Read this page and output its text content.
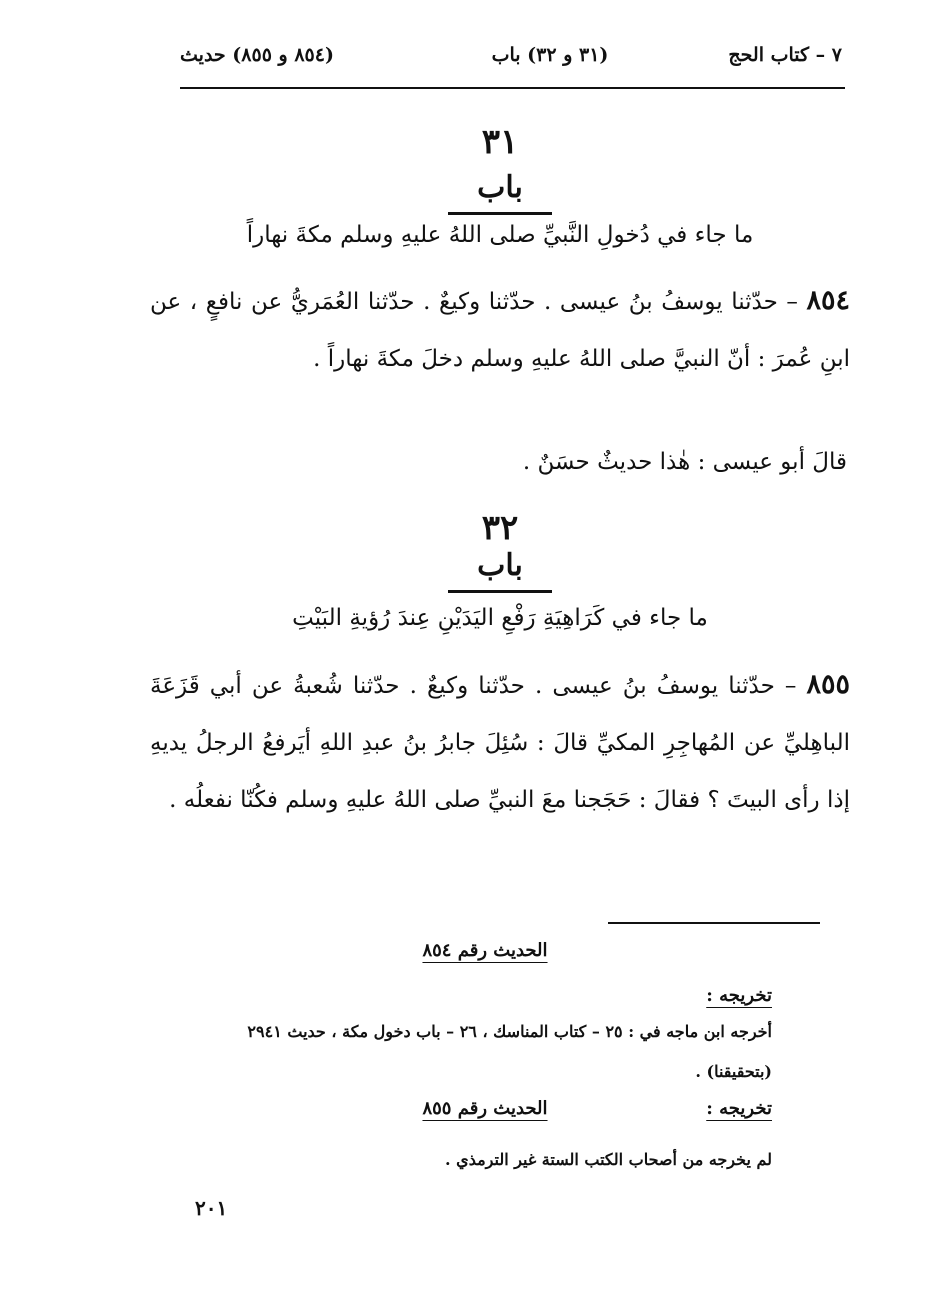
٧ – كتاب الحج
(٣١ و ٣٢) باب
(٨٥٤ و ٨٥٥) حديث
٣١
باب
ما جاء في دُخولِ النَّبيِّ صلى اللهُ عليهِ وسلم مكةَ نهاراً
٨٥٤ – حدّثنا يوسفُ بنُ عيسى . حدّثنا وكيعٌ . حدّثنا العُمَريُّ عن نافعٍ ، عن ابنِ عُمرَ : أنّ النبيَّ صلى اللهُ عليهِ وسلم دخلَ مكةَ نهاراً .
قالَ أبو عيسى : هٰذا حديثٌ حسَنٌ .
٣٢
باب
ما جاء في كَرَاهِيَةِ رَفْعِ اليَدَيْنِ عِندَ رُؤيةِ البَيْتِ
٨٥٥ – حدّثنا يوسفُ بنُ عيسى . حدّثنا وكيعٌ . حدّثنا شُعبةُ عن أبي قَزَعَةَ الباهِليِّ عن المُهاجِرِ المكيِّ قالَ : سُئِلَ جابرُ بنُ عبدِ اللهِ أيَرفعُ الرجلُ يديهِ إذا رأى البيتَ ؟ فقالَ : حَجَجنا معَ النبيِّ صلى اللهُ عليهِ وسلم فكُنّا نفعلُه .
الحديث رقم ٨٥٤
تخريجه :
أخرجه ابن ماجه في : ٢٥ – كتاب المناسك ، ٢٦ – باب دخول مكة ، حديث ٢٩٤١
(بتحقيقنا) .
تخريجه :
الحديث رقم ٨٥٥
لم يخرجه من أصحاب الكتب الستة غير الترمذي .
٢٠١
